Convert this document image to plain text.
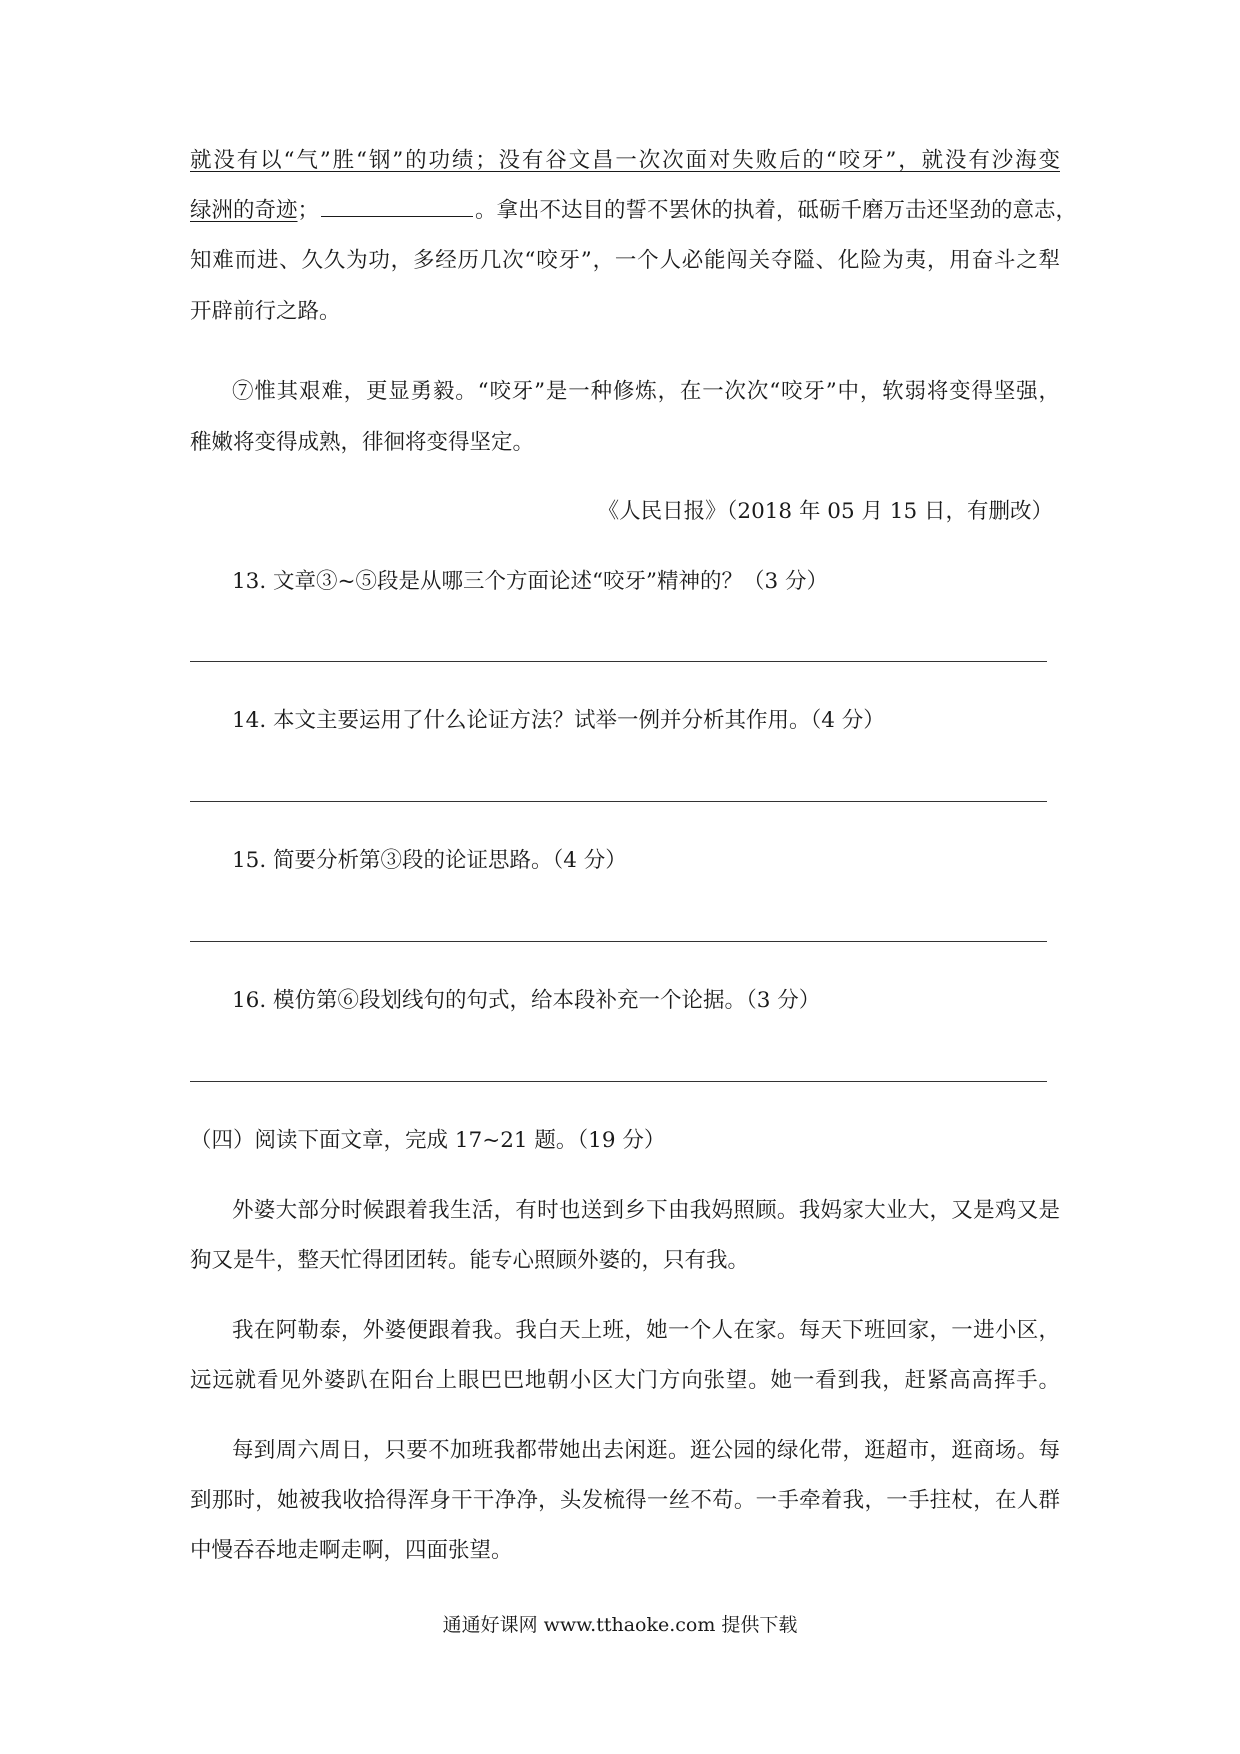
就没有以“气”胜“钢”的功绩；没有谷文昌一次次面对失败后的“咬牙”，就没有沙海变
绿洲的奇迹；	。拿出不达目的誓不罢休的执着，砥砺千磨万击还坚劲的意志，
知难而进、久久为功，多经历几次“咬牙”，一个人必能闯关夺隘、化险为夷，用奋斗之犁
开辟前行之路。
⑦惟其艰难，更显勇毅。“咬牙”是一种修炼，在一次次“咬牙”中，软弱将变得坚强，
稚嫩将变得成熟，徘徊将变得坚定。
《人民日报》（2018 年 05 月 15 日，有删改）
13. 文章③~⑤段是从哪三个方面论述“咬牙”精神的？（3 分）
14. 本文主要运用了什么论证方法？试举一例并分析其作用。（4 分）
15. 简要分析第③段的论证思路。（4 分）
16. 模仿第⑥段划线句的句式，给本段补充一个论据。（3 分）
（四）阅读下面文章，完成 17~21 题。（19 分）
外婆大部分时候跟着我生活，有时也送到乡下由我妈照顾。我妈家大业大，又是鸡又是
狗又是牛，整天忙得团团转。能专心照顾外婆的，只有我。
我在阿勒泰，外婆便跟着我。我白天上班，她一个人在家。每天下班回家，一进小区，
远远就看见外婆趴在阳台上眼巴巴地朝小区大门方向张望。她一看到我，赶紧高高挥手。
每到周六周日，只要不加班我都带她出去闲逛。逛公园的绿化带，逛超市，逛商场。每
到那时，她被我收拾得浑身干干净净，头发梳得一丝不苟。一手牵着我，一手拄杖，在人群
中慢吞吞地走啊走啊，四面张望。
通通好课网 www.tthaoke.com 提供下载
